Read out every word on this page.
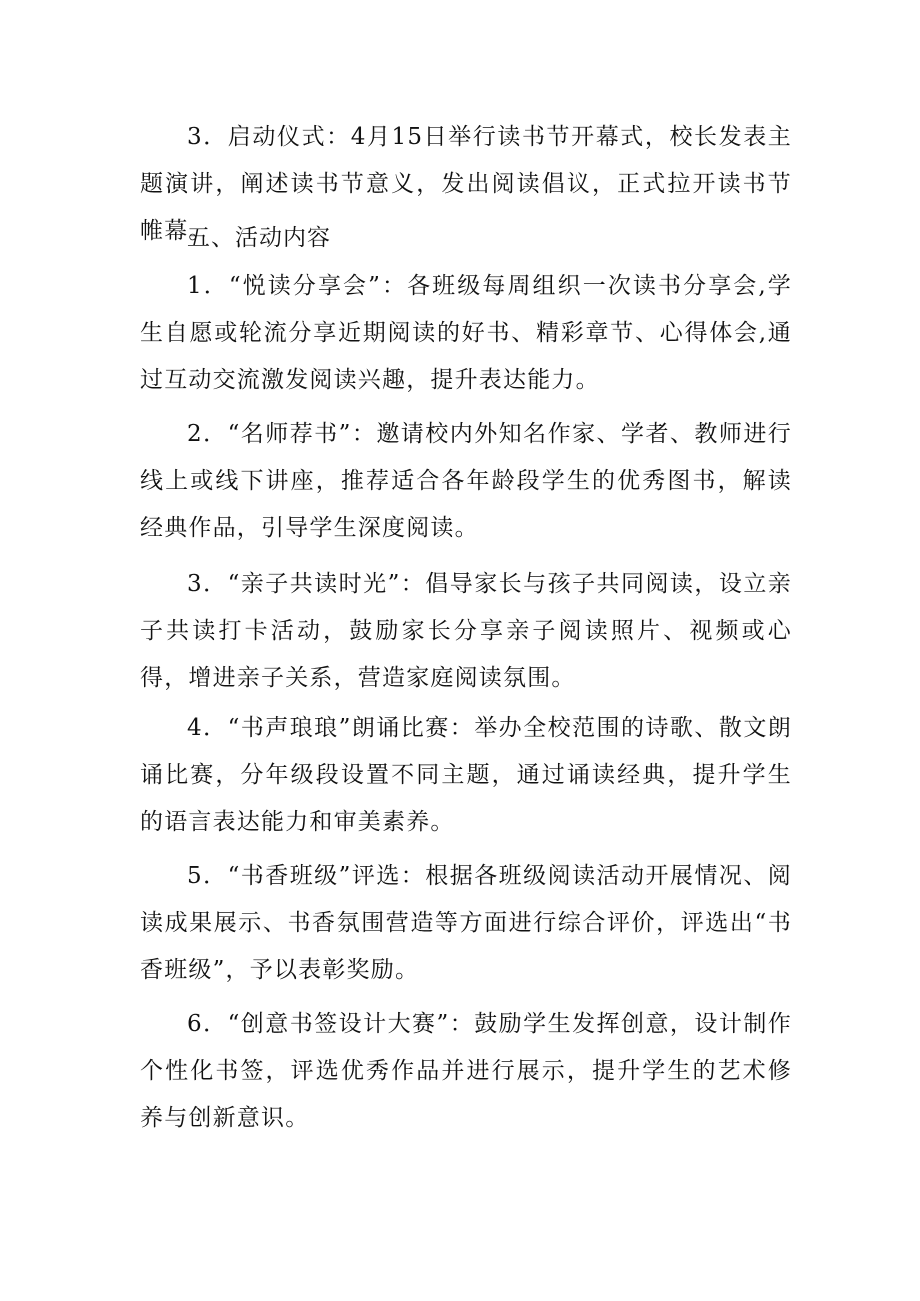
3．启动仪式：4月15日举行读书节开幕式，校长发表主题演讲，阐述读书节意义，发出阅读倡议，正式拉开读书节帷幕。

五、活动内容

1．“悦读分享会”：各班级每周组织一次读书分享会,学生自愿或轮流分享近期阅读的好书、精彩章节、心得体会,通过互动交流激发阅读兴趣，提升表达能力。

2．“名师荐书”：邀请校内外知名作家、学者、教师进行线上或线下讲座，推荐适合各年龄段学生的优秀图书，解读经典作品，引导学生深度阅读。

3．“亲子共读时光”：倡导家长与孩子共同阅读，设立亲子共读打卡活动，鼓励家长分享亲子阅读照片、视频或心得，增进亲子关系，营造家庭阅读氛围。

4．“书声琅琅”朗诵比赛：举办全校范围的诗歌、散文朗诵比赛，分年级段设置不同主题，通过诵读经典，提升学生的语言表达能力和审美素养。

5．“书香班级”评选：根据各班级阅读活动开展情况、阅读成果展示、书香氛围营造等方面进行综合评价，评选出“书香班级”，予以表彰奖励。

6．“创意书签设计大赛”：鼓励学生发挥创意，设计制作个性化书签，评选优秀作品并进行展示，提升学生的艺术修养与创新意识。
